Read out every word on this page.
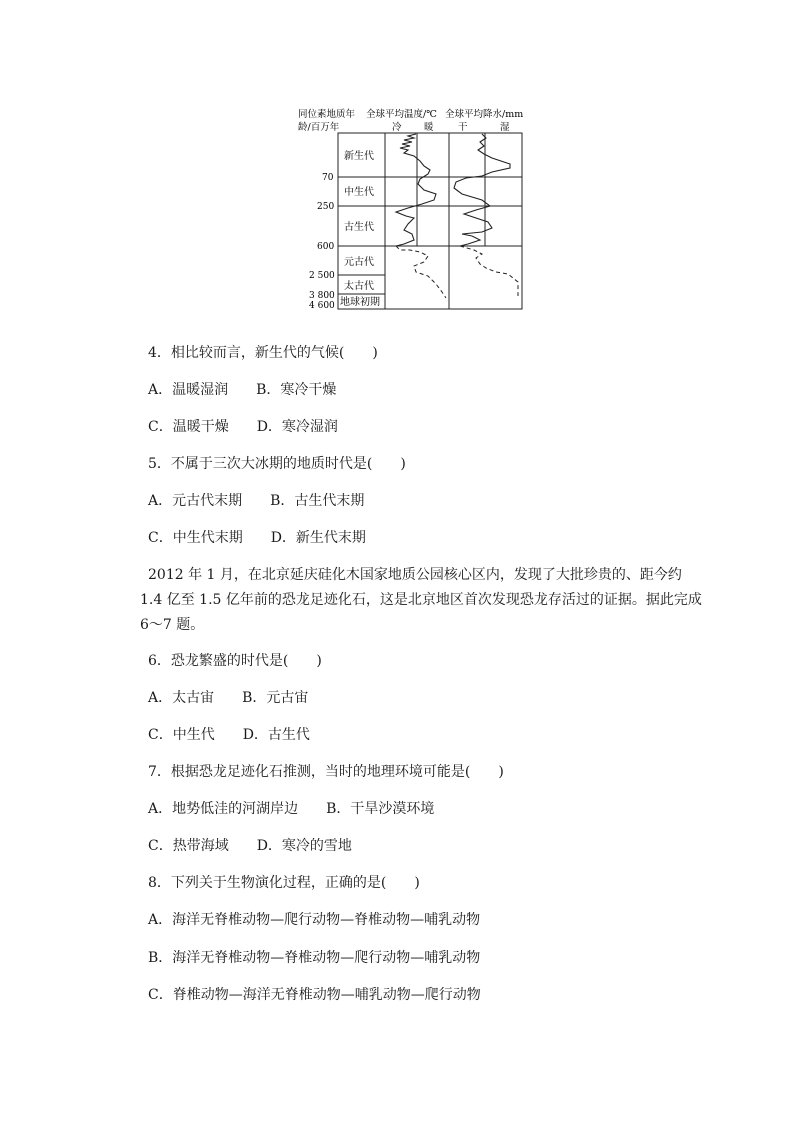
同位素地质年
龄/百万年
全球平均温度/℃ 全球平均降水/mm
冷 暖	干	湿
新生代
中生代
古生代
元古代
太古代
地球初期
70
250
600
2 500
3 800
4 600
4．相比较而言，新生代的气候(　　)
A．温暖湿润　　B．寒冷干燥
C．温暖干燥　　D．寒冷湿润
5．不属于三次大冰期的地质时代是(　　)
A．元古代末期　　B．古生代末期
C．中生代末期　　D．新生代末期

2012 年 1 月，在北京延庆硅化木国家地质公园核心区内，发现了大批珍贵的、距今约

1.4 亿至 1.5 亿年前的恐龙足迹化石，这是北京地区首次发现恐龙存活过的证据。据此完成

6～7 题。

6．恐龙繁盛的时代是(　　)
A．太古宙　　B．元古宙
C．中生代　　D．古生代
7．根据恐龙足迹化石推测，当时的地理环境可能是(　　)
A．地势低洼的河湖岸边　　B．干旱沙漠环境
C．热带海域　　D．寒冷的雪地
8．下列关于生物演化过程，正确的是(　　)
A．海洋无脊椎动物—爬行动物—脊椎动物—哺乳动物
B．海洋无脊椎动物—脊椎动物—爬行动物—哺乳动物
C．脊椎动物—海洋无脊椎动物—哺乳动物—爬行动物
